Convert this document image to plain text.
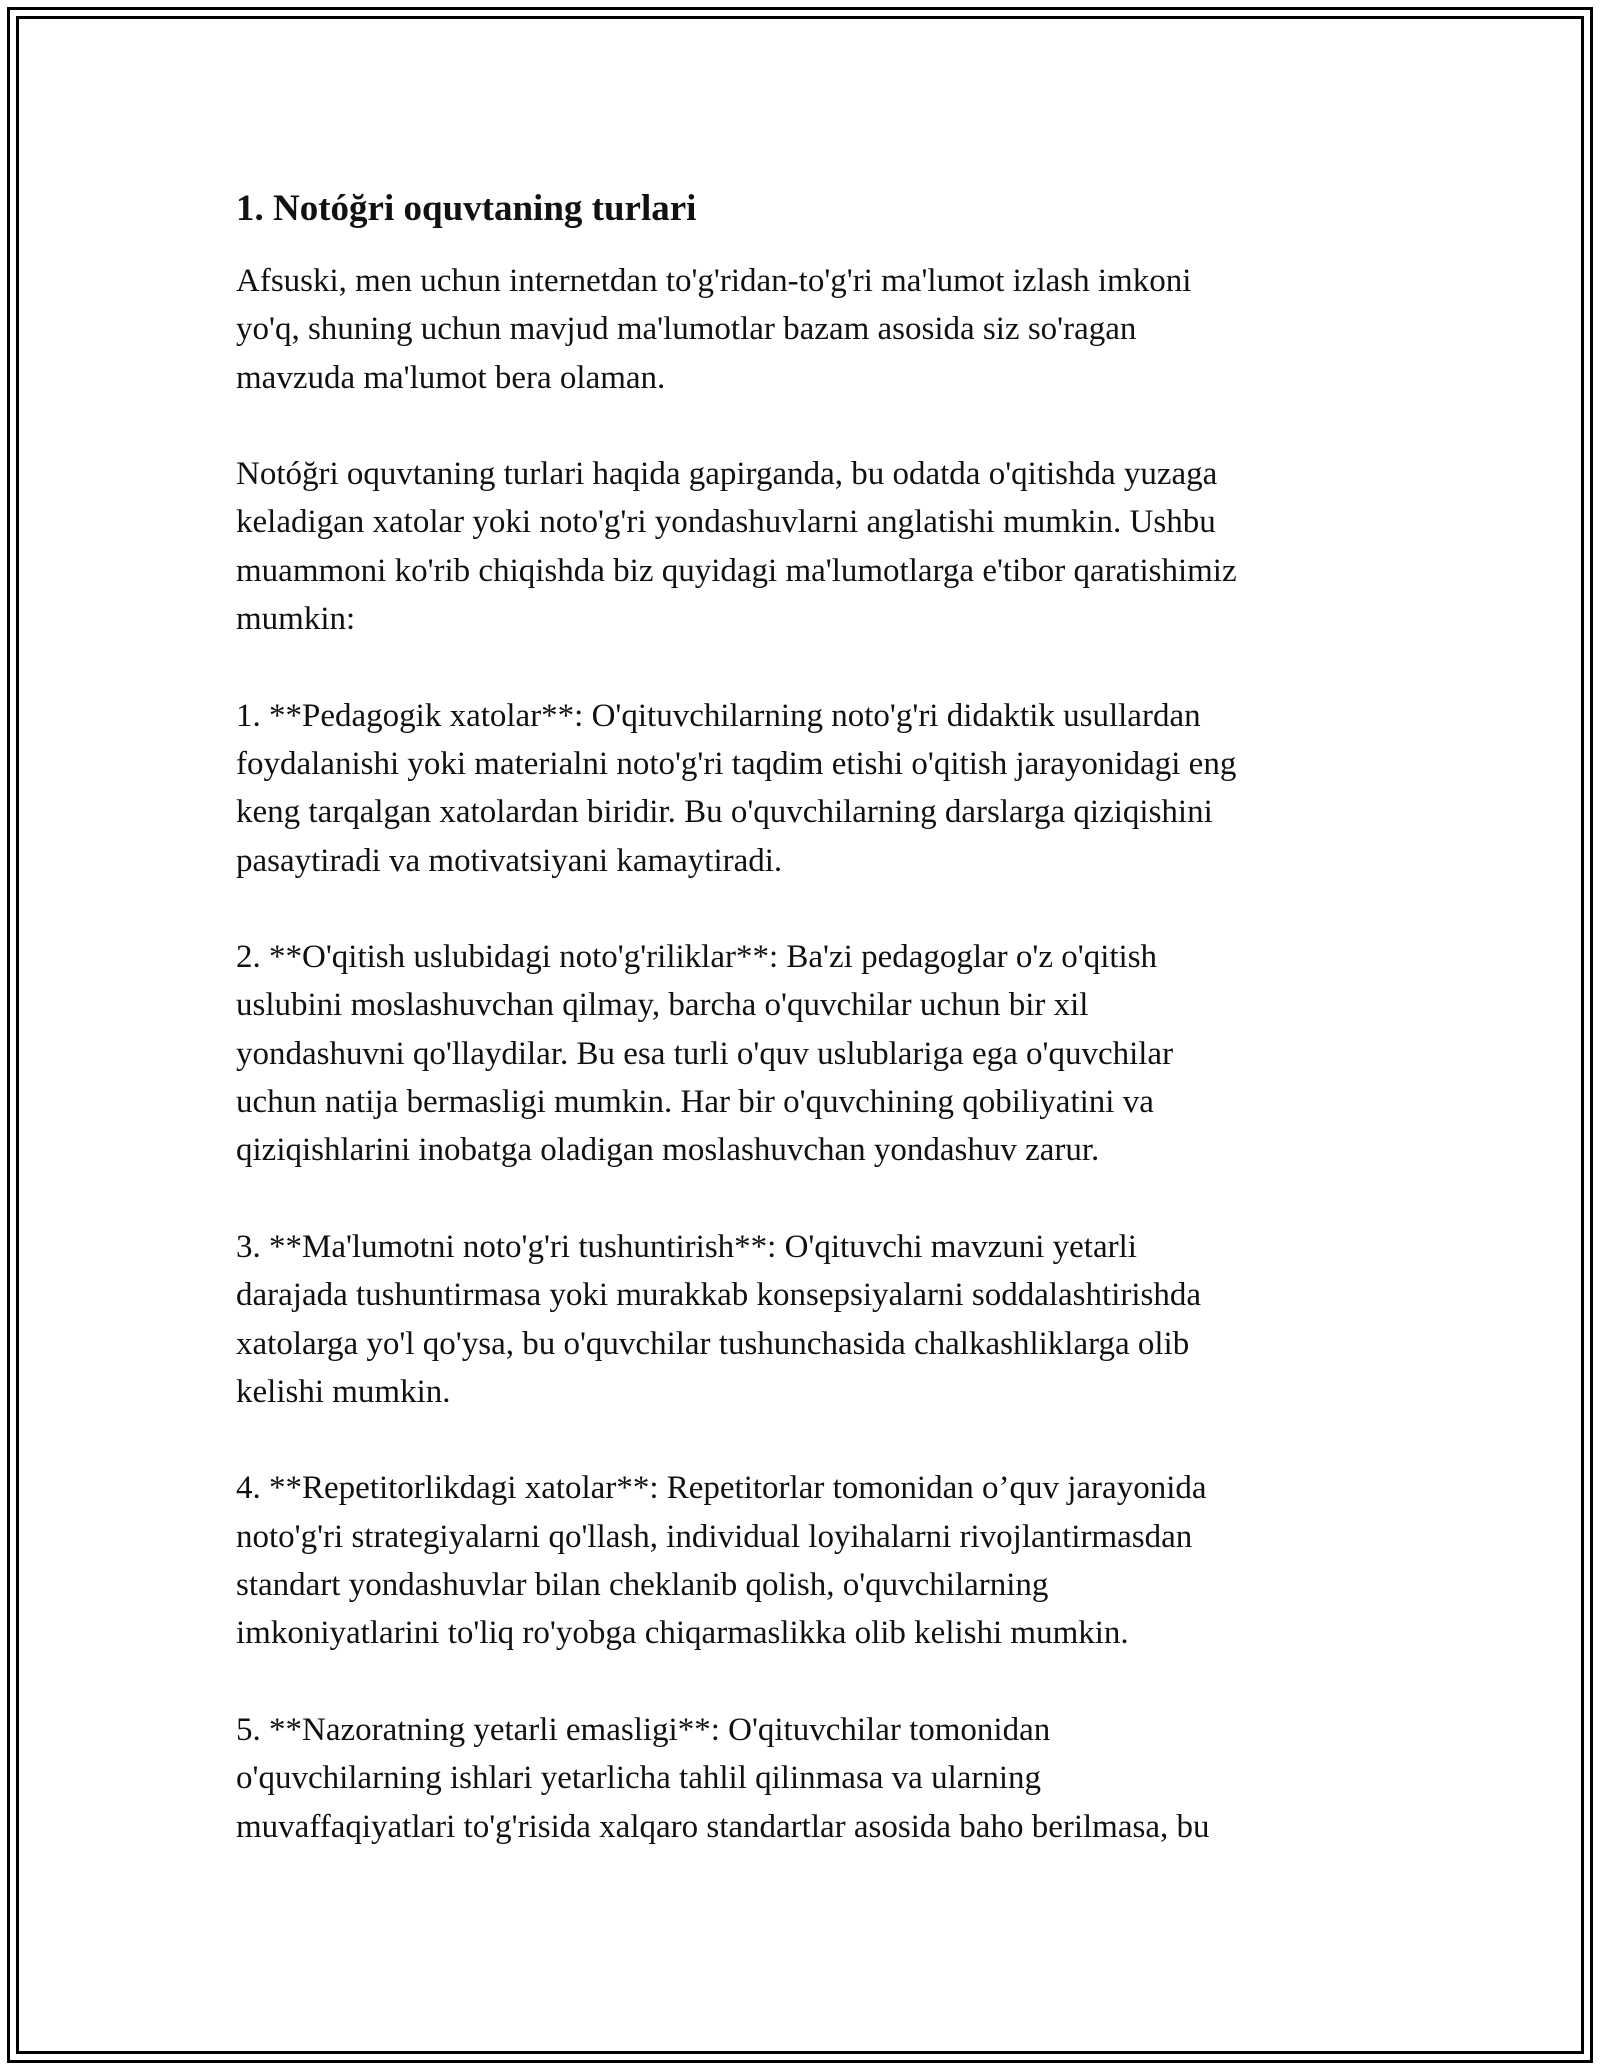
1. Notóğri oquvtaning turlari

Afsuski, men uchun internetdan to'g'ridan-to'g'ri ma'lumot izlash imkoni
yo'q, shuning uchun mavjud ma'lumotlar bazam asosida siz so'ragan
mavzuda ma'lumot bera olaman.

Notóğri oquvtaning turlari haqida gapirganda, bu odatda o'qitishda yuzaga
keladigan xatolar yoki noto'g'ri yondashuvlarni anglatishi mumkin. Ushbu
muammoni ko'rib chiqishda biz quyidagi ma'lumotlarga e'tibor qaratishimiz
mumkin:

1. **Pedagogik xatolar**: O'qituvchilarning noto'g'ri didaktik usullardan
foydalanishi yoki materialni noto'g'ri taqdim etishi o'qitish jarayonidagi eng
keng tarqalgan xatolardan biridir. Bu o'quvchilarning darslarga qiziqishini
pasaytiradi va motivatsiyani kamaytiradi.

2. **O'qitish uslubidagi noto'g'riliklar**: Ba'zi pedagoglar o'z o'qitish
uslubini moslashuvchan qilmay, barcha o'quvchilar uchun bir xil
yondashuvni qo'llaydilar. Bu esa turli o'quv uslublariga ega o'quvchilar
uchun natija bermasligi mumkin. Har bir o'quvchining qobiliyatini va
qiziqishlarini inobatga oladigan moslashuvchan yondashuv zarur.

3. **Ma'lumotni noto'g'ri tushuntirish**: O'qituvchi mavzuni yetarli
darajada tushuntirmasa yoki murakkab konsepsiyalarni soddalashtirishda
xatolarga yo'l qo'ysa, bu o'quvchilar tushunchasida chalkashliklarga olib
kelishi mumkin.

4. **Repetitorlikdagi xatolar**: Repetitorlar tomonidan o’quv jarayonida
noto'g'ri strategiyalarni qo'llash, individual loyihalarni rivojlantirmasdan
standart yondashuvlar bilan cheklanib qolish, o'quvchilarning
imkoniyatlarini to'liq ro'yobga chiqarmaslikka olib kelishi mumkin.

5. **Nazoratning yetarli emasligi**: O'qituvchilar tomonidan
o'quvchilarning ishlari yetarlicha tahlil qilinmasa va ularning
muvaffaqiyatlari to'g'risida xalqaro standartlar asosida baho berilmasa, bu
